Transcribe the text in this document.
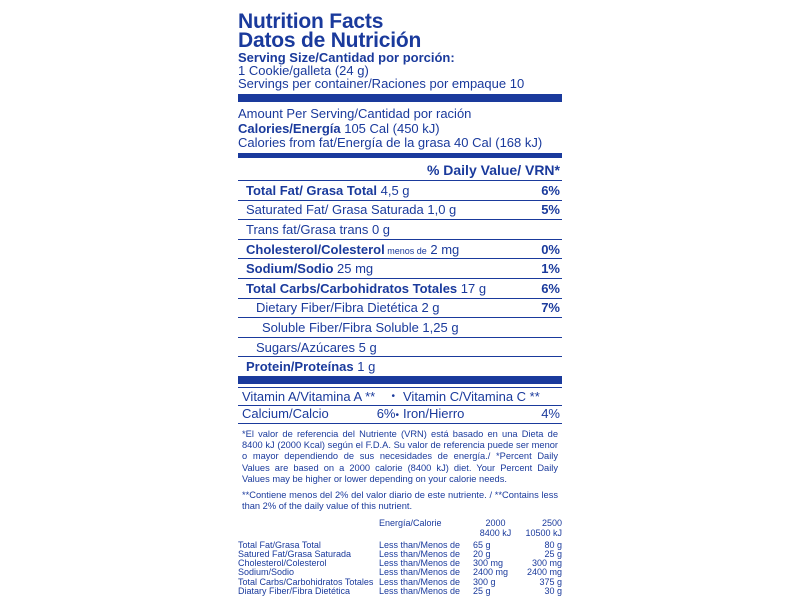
Nutrition Facts
Datos de Nutrición
Serving Size/Cantidad por porción:
1 Cookie/galleta (24 g)
Servings per container/Raciones por empaque 10
Amount Per Serving/Cantidad por ración
Calories/Energía 105 Cal (450 kJ)
Calories from fat/Energía de la grasa 40 Cal (168 kJ)
% Daily Value/ VRN*
Total Fat/ Grasa Total 4,5 g	6%
Saturated Fat/ Grasa Saturada 1,0 g	5%
Trans fat/Grasa trans 0 g
Cholesterol/Colesterol menos de 2 mg	0%
Sodium/Sodio 25 mg	1%
Total Carbs/Carbohidratos Totales 17 g	6%
Dietary Fiber/Fibra Dietética 2 g	7%
Soluble Fiber/Fibra Soluble 1,25 g
Sugars/Azúcares 5 g
Protein/Proteínas 1 g
Vitamin A/Vitamina A ** • Vitamin C/Vitamina C **
Calcium/Calcio	6%• Iron/Hierro	4%
*El valor de referencia del Nutriente (VRN) está basado en una Dieta de 8400 kJ (2000 Kcal) según el F.D.A. Su valor de referencia puede ser menor o mayor dependiendo de sus necesidades de energía./ *Percent Daily Values are based on a 2000 calorie (8400 kJ) diet. Your Percent Daily Values may be higher or lower depending on your calorie needs.
**Contiene menos del 2% del valor diario de este nutriente. / **Contains less than 2% of the daily value of this nutrient.
Energía/Calorie	2000	2500
8400 kJ	10500 kJ
Total Fat/Grasa Total	Less than/Menos de	65 g	80 g
Satured Fat/Grasa Saturada	Less than/Menos de	20 g	25 g
Cholesterol/Colesterol	Less than/Menos de	300 mg	300 mg
Sodium/Sodio	Less than/Menos de	2400 mg	2400 mg
Total Carbs/Carbohidratos Totales Less than/Menos de	300 g	375 g
Diatary Fiber/Fibra Dietética	Less than/Menos de	25 g	30 g
